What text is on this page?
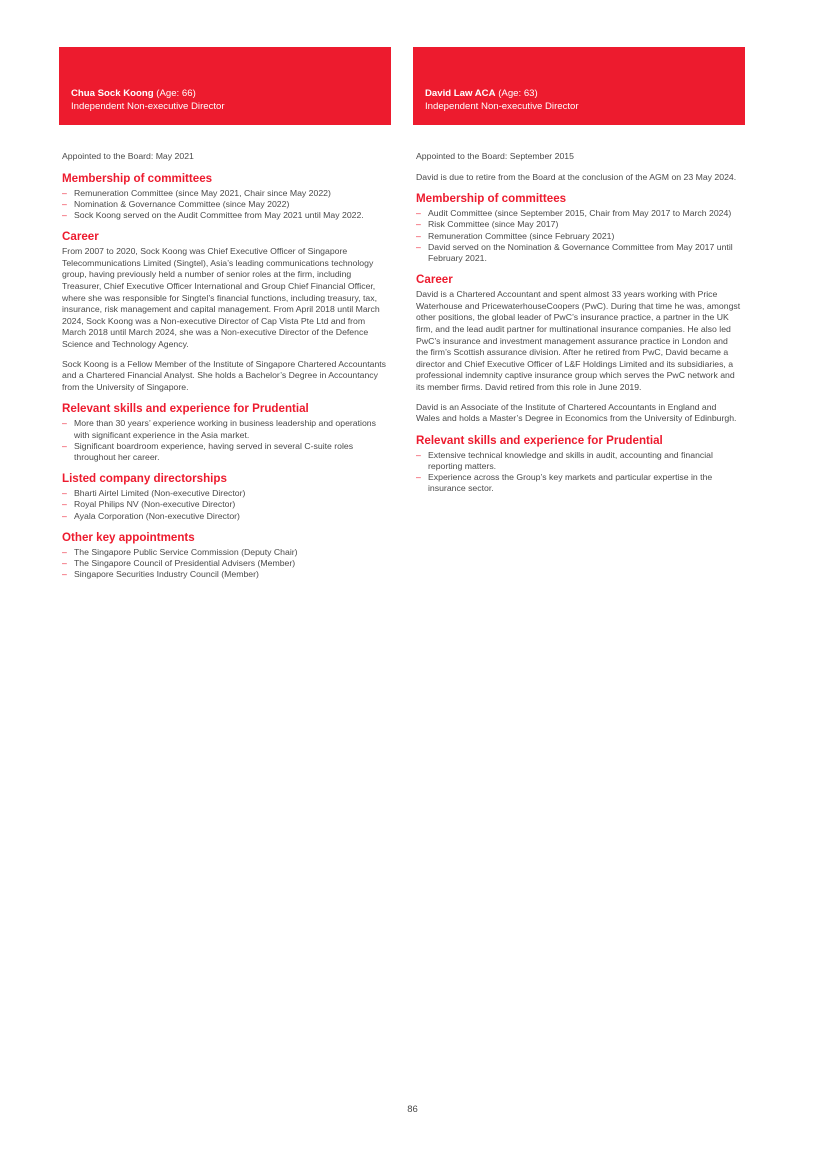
Chua Sock Koong (Age: 66)
Independent Non-executive Director

Appointed to the Board: May 2021

Membership of committees
– Remuneration Committee (since May 2021, Chair since May 2022)
– Nomination & Governance Committee (since May 2022)
– Sock Koong served on the Audit Committee from May 2021 until May 2022.
Career

From 2007 to 2020, Sock Koong was Chief Executive Officer of Singapore Telecommunications Limited (Singtel), Asia’s leading communications technology group, having previously held a number of senior roles at the firm, including Treasurer, Chief Executive Officer International and Group Chief Financial Officer, where she was responsible for Singtel’s financial functions, including treasury, tax, insurance, risk management and capital management. From April 2018 until March 2024, Sock Koong was a Non-executive Director of Cap Vista Pte Ltd and from March 2018 until March 2024, she was a Non-executive Director of the Defence Science and Technology Agency.

Sock Koong is a Fellow Member of the Institute of Singapore Chartered Accountants and a Chartered Financial Analyst. She holds a Bachelor’s Degree in Accountancy from the University of Singapore.

Relevant skills and experience for Prudential
– More than 30 years’ experience working in business leadership and operations with significant experience in the Asia market.
– Significant boardroom experience, having served in several C-suite roles throughout her career.
Listed company directorships
– Bharti Airtel Limited (Non-executive Director)
– Royal Philips NV (Non-executive Director)
– Ayala Corporation (Non-executive Director)
Other key appointments
– The Singapore Public Service Commission (Deputy Chair)
– The Singapore Council of Presidential Advisers (Member)
– Singapore Securities Industry Council (Member)
David Law ACA (Age: 63)
Independent Non-executive Director

Appointed to the Board: September 2015

David is due to retire from the Board at the conclusion of the AGM on 23 May 2024.

Membership of committees
– Audit Committee (since September 2015, Chair from May 2017 to March 2024)
– Risk Committee (since May 2017)
– Remuneration Committee (since February 2021)
– David served on the Nomination & Governance Committee from May 2017 until February 2021.
Career

David is a Chartered Accountant and spent almost 33 years working with Price Waterhouse and PricewaterhouseCoopers (PwC). During that time he was, amongst other positions, the global leader of PwC’s insurance practice, a partner in the UK firm, and the lead audit partner for multinational insurance companies. He also led PwC’s insurance and investment management assurance practice in London and the firm’s Scottish assurance division. After he retired from PwC, David became a director and Chief Executive Officer of L&F Holdings Limited and its subsidiaries, a professional indemnity captive insurance group which serves the PwC network and its member firms. David retired from this role in June 2019.

David is an Associate of the Institute of Chartered Accountants in England and Wales and holds a Master’s Degree in Economics from the University of Edinburgh.

Relevant skills and experience for Prudential
– Extensive technical knowledge and skills in audit, accounting and financial reporting matters.
– Experience across the Group’s key markets and particular expertise in the insurance sector.
86
